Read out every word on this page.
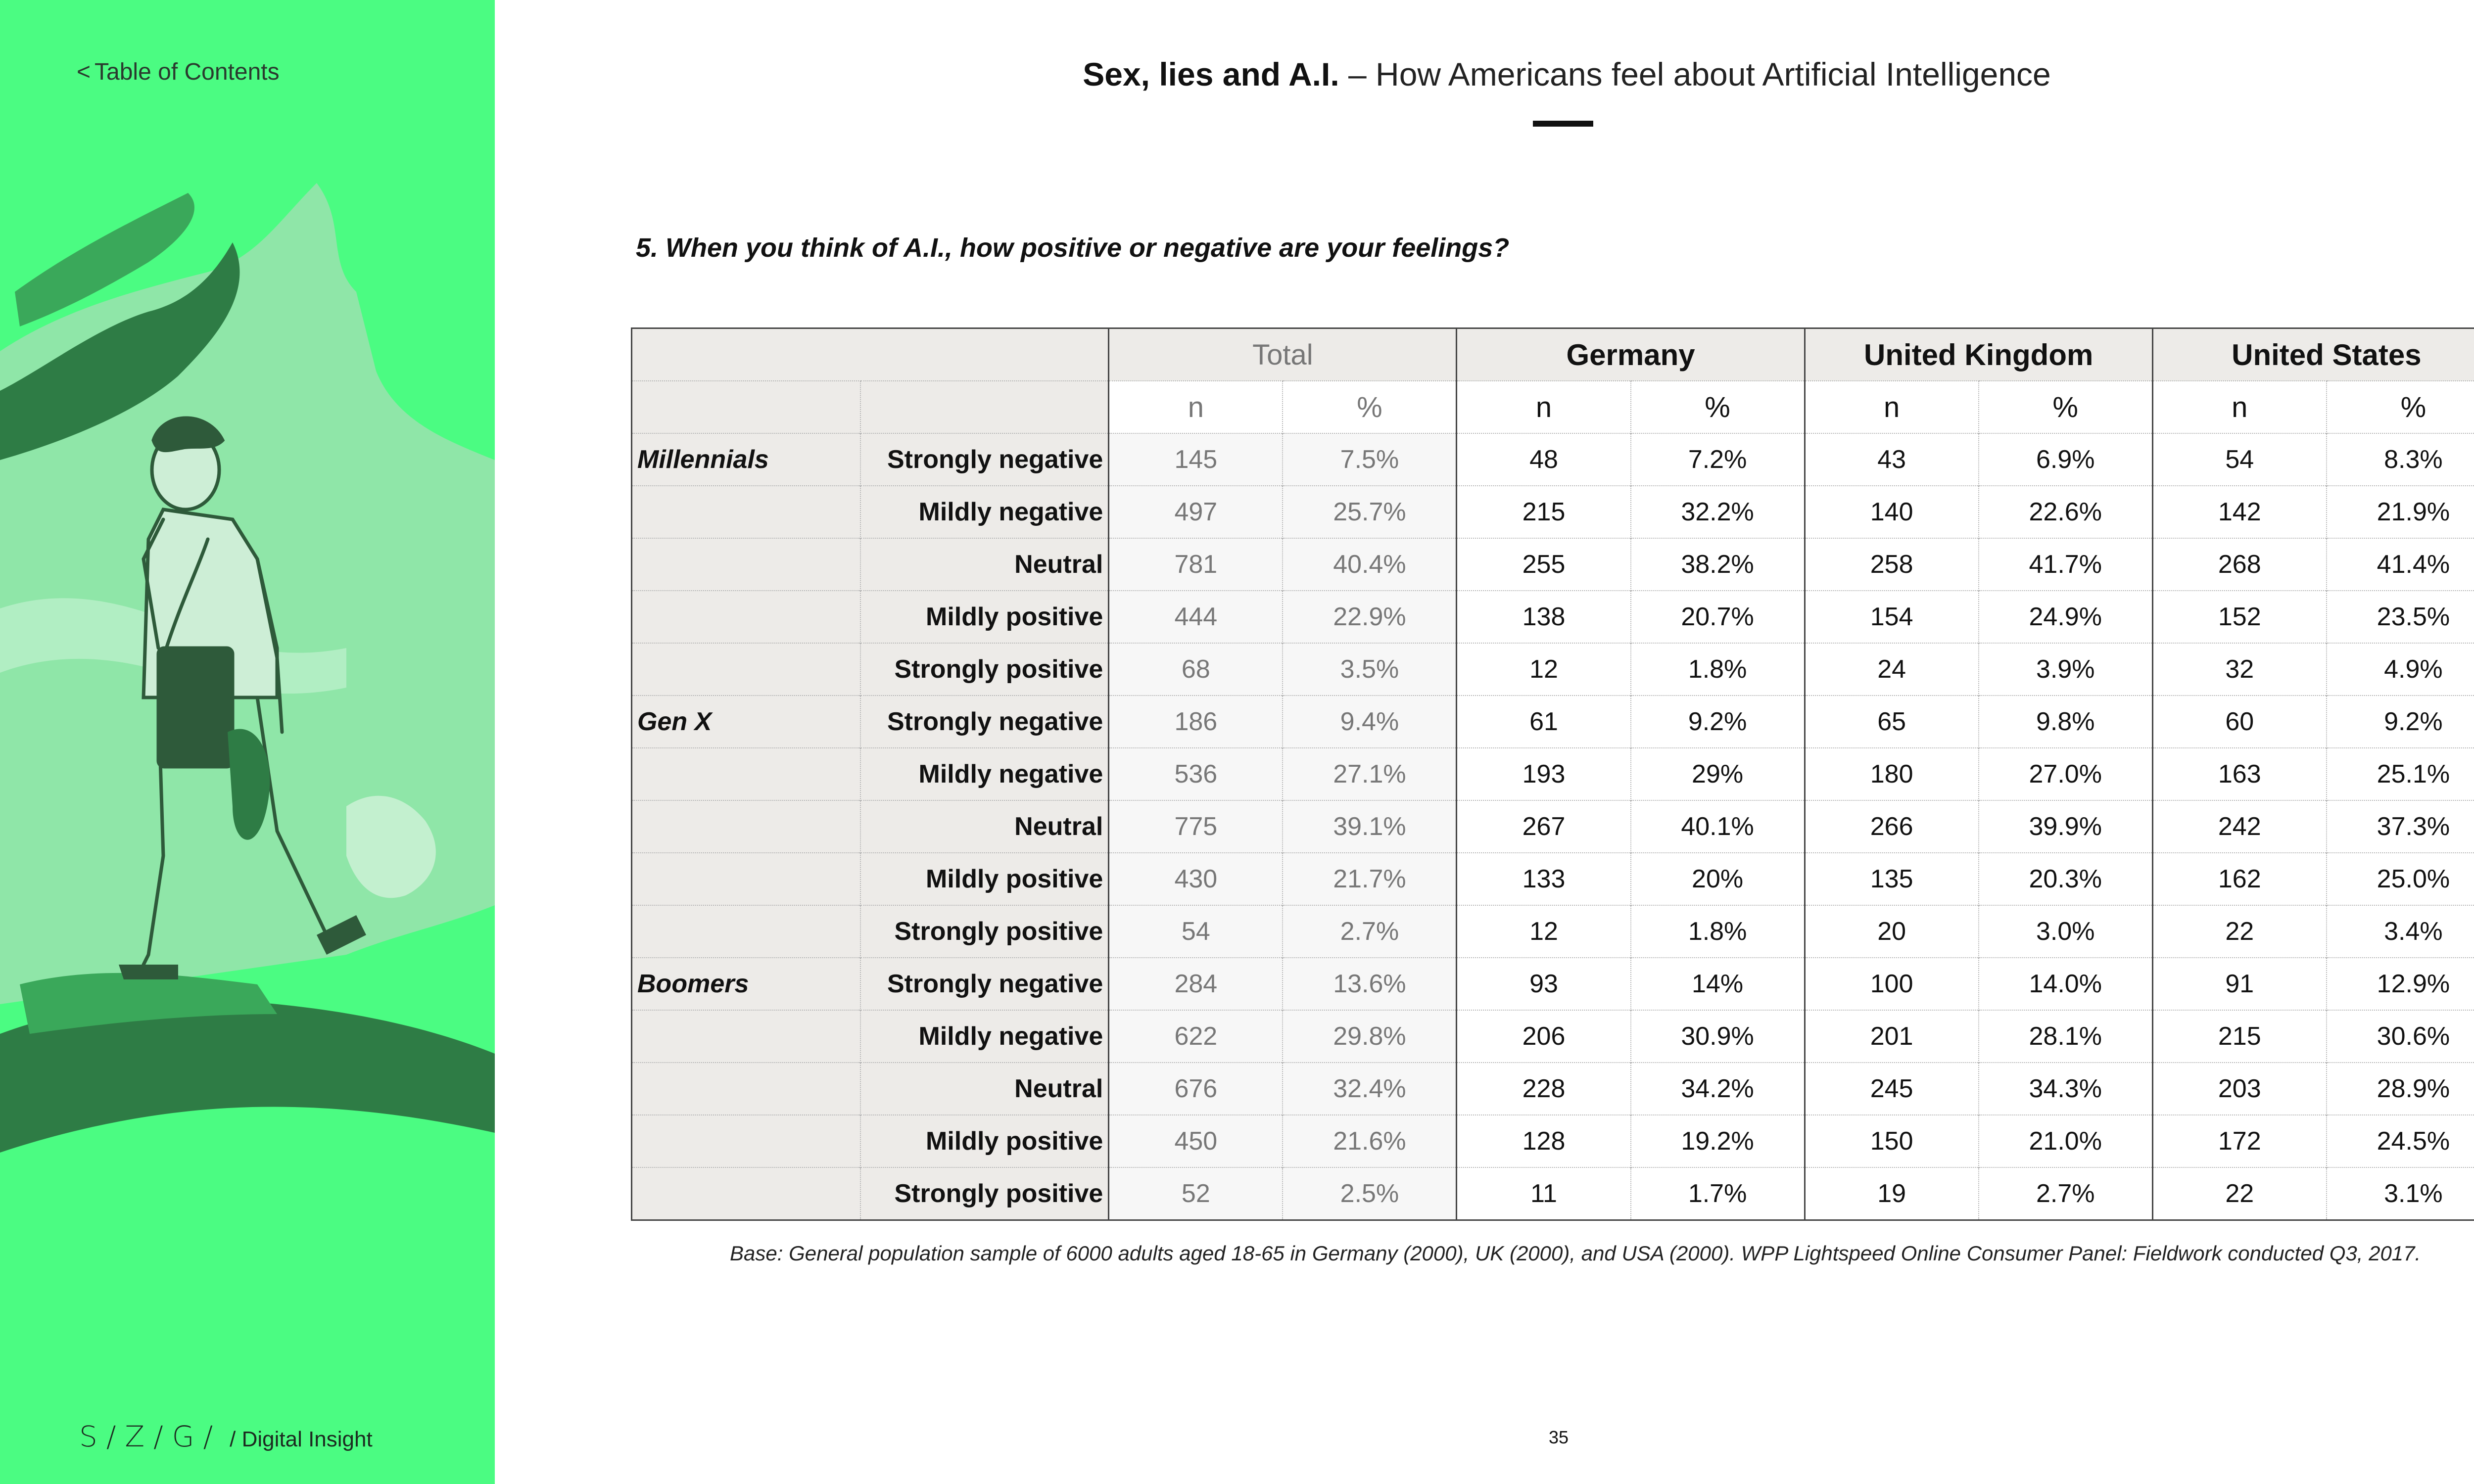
< Table of Contents
S/Z/G/ / Digital Insight
Sex, lies and A.I. – How Americans feel about Artificial Intelligence
5. When you think of A.I., how positive or negative are your feelings?
		Total		Germany		United Kingdom		United States	
		n	%	n	%	n	%	n	%
Millennials	Strongly negative	145	7.5%	48	7.2%	43	6.9%	54	8.3%
	Mildly negative	497	25.7%	215	32.2%	140	22.6%	142	21.9%
	Neutral	781	40.4%	255	38.2%	258	41.7%	268	41.4%
	Mildly positive	444	22.9%	138	20.7%	154	24.9%	152	23.5%
	Strongly positive	68	3.5%	12	1.8%	24	3.9%	32	4.9%
Gen X	Strongly negative	186	9.4%	61	9.2%	65	9.8%	60	9.2%
	Mildly negative	536	27.1%	193	29%	180	27.0%	163	25.1%
	Neutral	775	39.1%	267	40.1%	266	39.9%	242	37.3%
	Mildly positive	430	21.7%	133	20%	135	20.3%	162	25.0%
	Strongly positive	54	2.7%	12	1.8%	20	3.0%	22	3.4%
Boomers	Strongly negative	284	13.6%	93	14%	100	14.0%	91	12.9%
	Mildly negative	622	29.8%	206	30.9%	201	28.1%	215	30.6%
	Neutral	676	32.4%	228	34.2%	245	34.3%	203	28.9%
	Mildly positive	450	21.6%	128	19.2%	150	21.0%	172	24.5%
	Strongly positive	52	2.5%	11	1.7%	19	2.7%	22	3.1%
Base: General population sample of 6000 adults aged 18-65 in Germany (2000), UK (2000), and USA (2000). WPP Lightspeed Online Consumer Panel: Fieldwork conducted Q3, 2017.
35
